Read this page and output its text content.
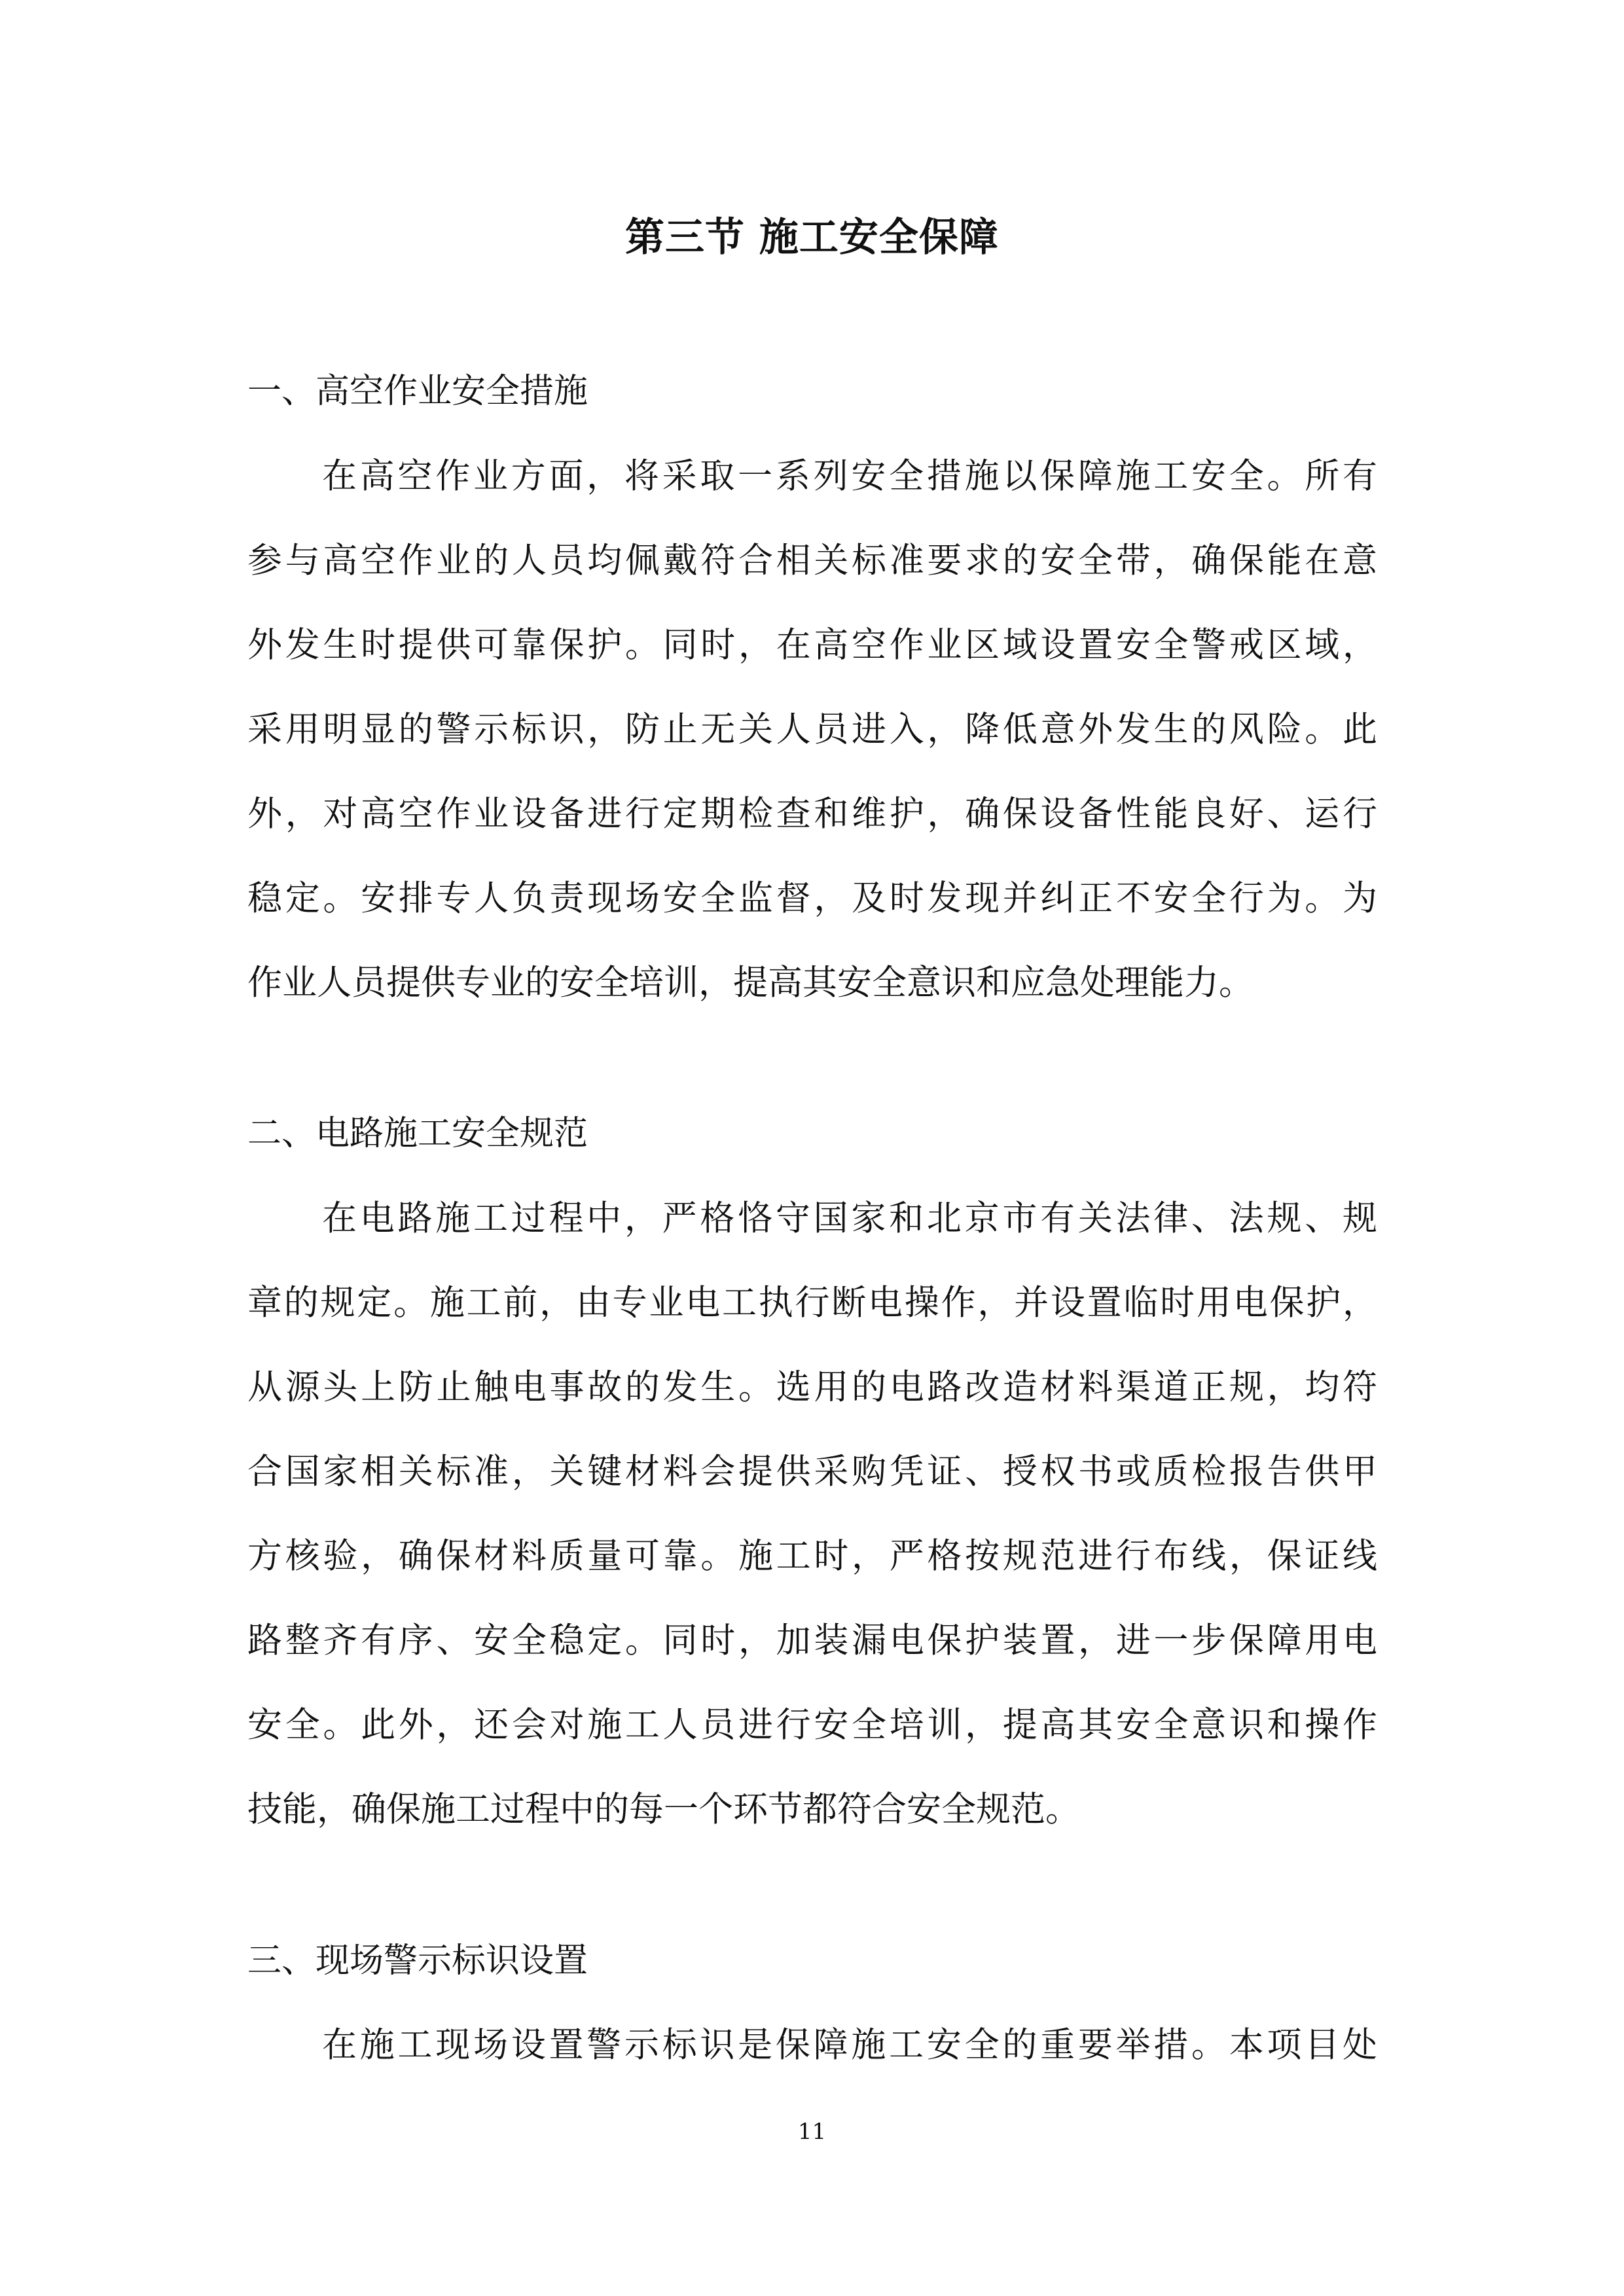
第三节 施工安全保障
一、高空作业安全措施
在高空作业方面，将采取一系列安全措施以保障施工安全。所有
参与高空作业的人员均佩戴符合相关标准要求的安全带，确保能在意
外发生时提供可靠保护。同时，在高空作业区域设置安全警戒区域，
采用明显的警示标识，防止无关人员进入，降低意外发生的风险。此
外，对高空作业设备进行定期检查和维护，确保设备性能良好、运行
稳定。安排专人负责现场安全监督，及时发现并纠正不安全行为。为
作业人员提供专业的安全培训，提高其安全意识和应急处理能力。
二、电路施工安全规范
在电路施工过程中，严格恪守国家和北京市有关法律、法规、规
章的规定。施工前，由专业电工执行断电操作，并设置临时用电保护，
从源头上防止触电事故的发生。选用的电路改造材料渠道正规，均符
合国家相关标准，关键材料会提供采购凭证、授权书或质检报告供甲
方核验，确保材料质量可靠。施工时，严格按规范进行布线，保证线
路整齐有序、安全稳定。同时，加装漏电保护装置，进一步保障用电
安全。此外，还会对施工人员进行安全培训，提高其安全意识和操作
技能，确保施工过程中的每一个环节都符合安全规范。
三、现场警示标识设置
在施工现场设置警示标识是保障施工安全的重要举措。本项目处
11
